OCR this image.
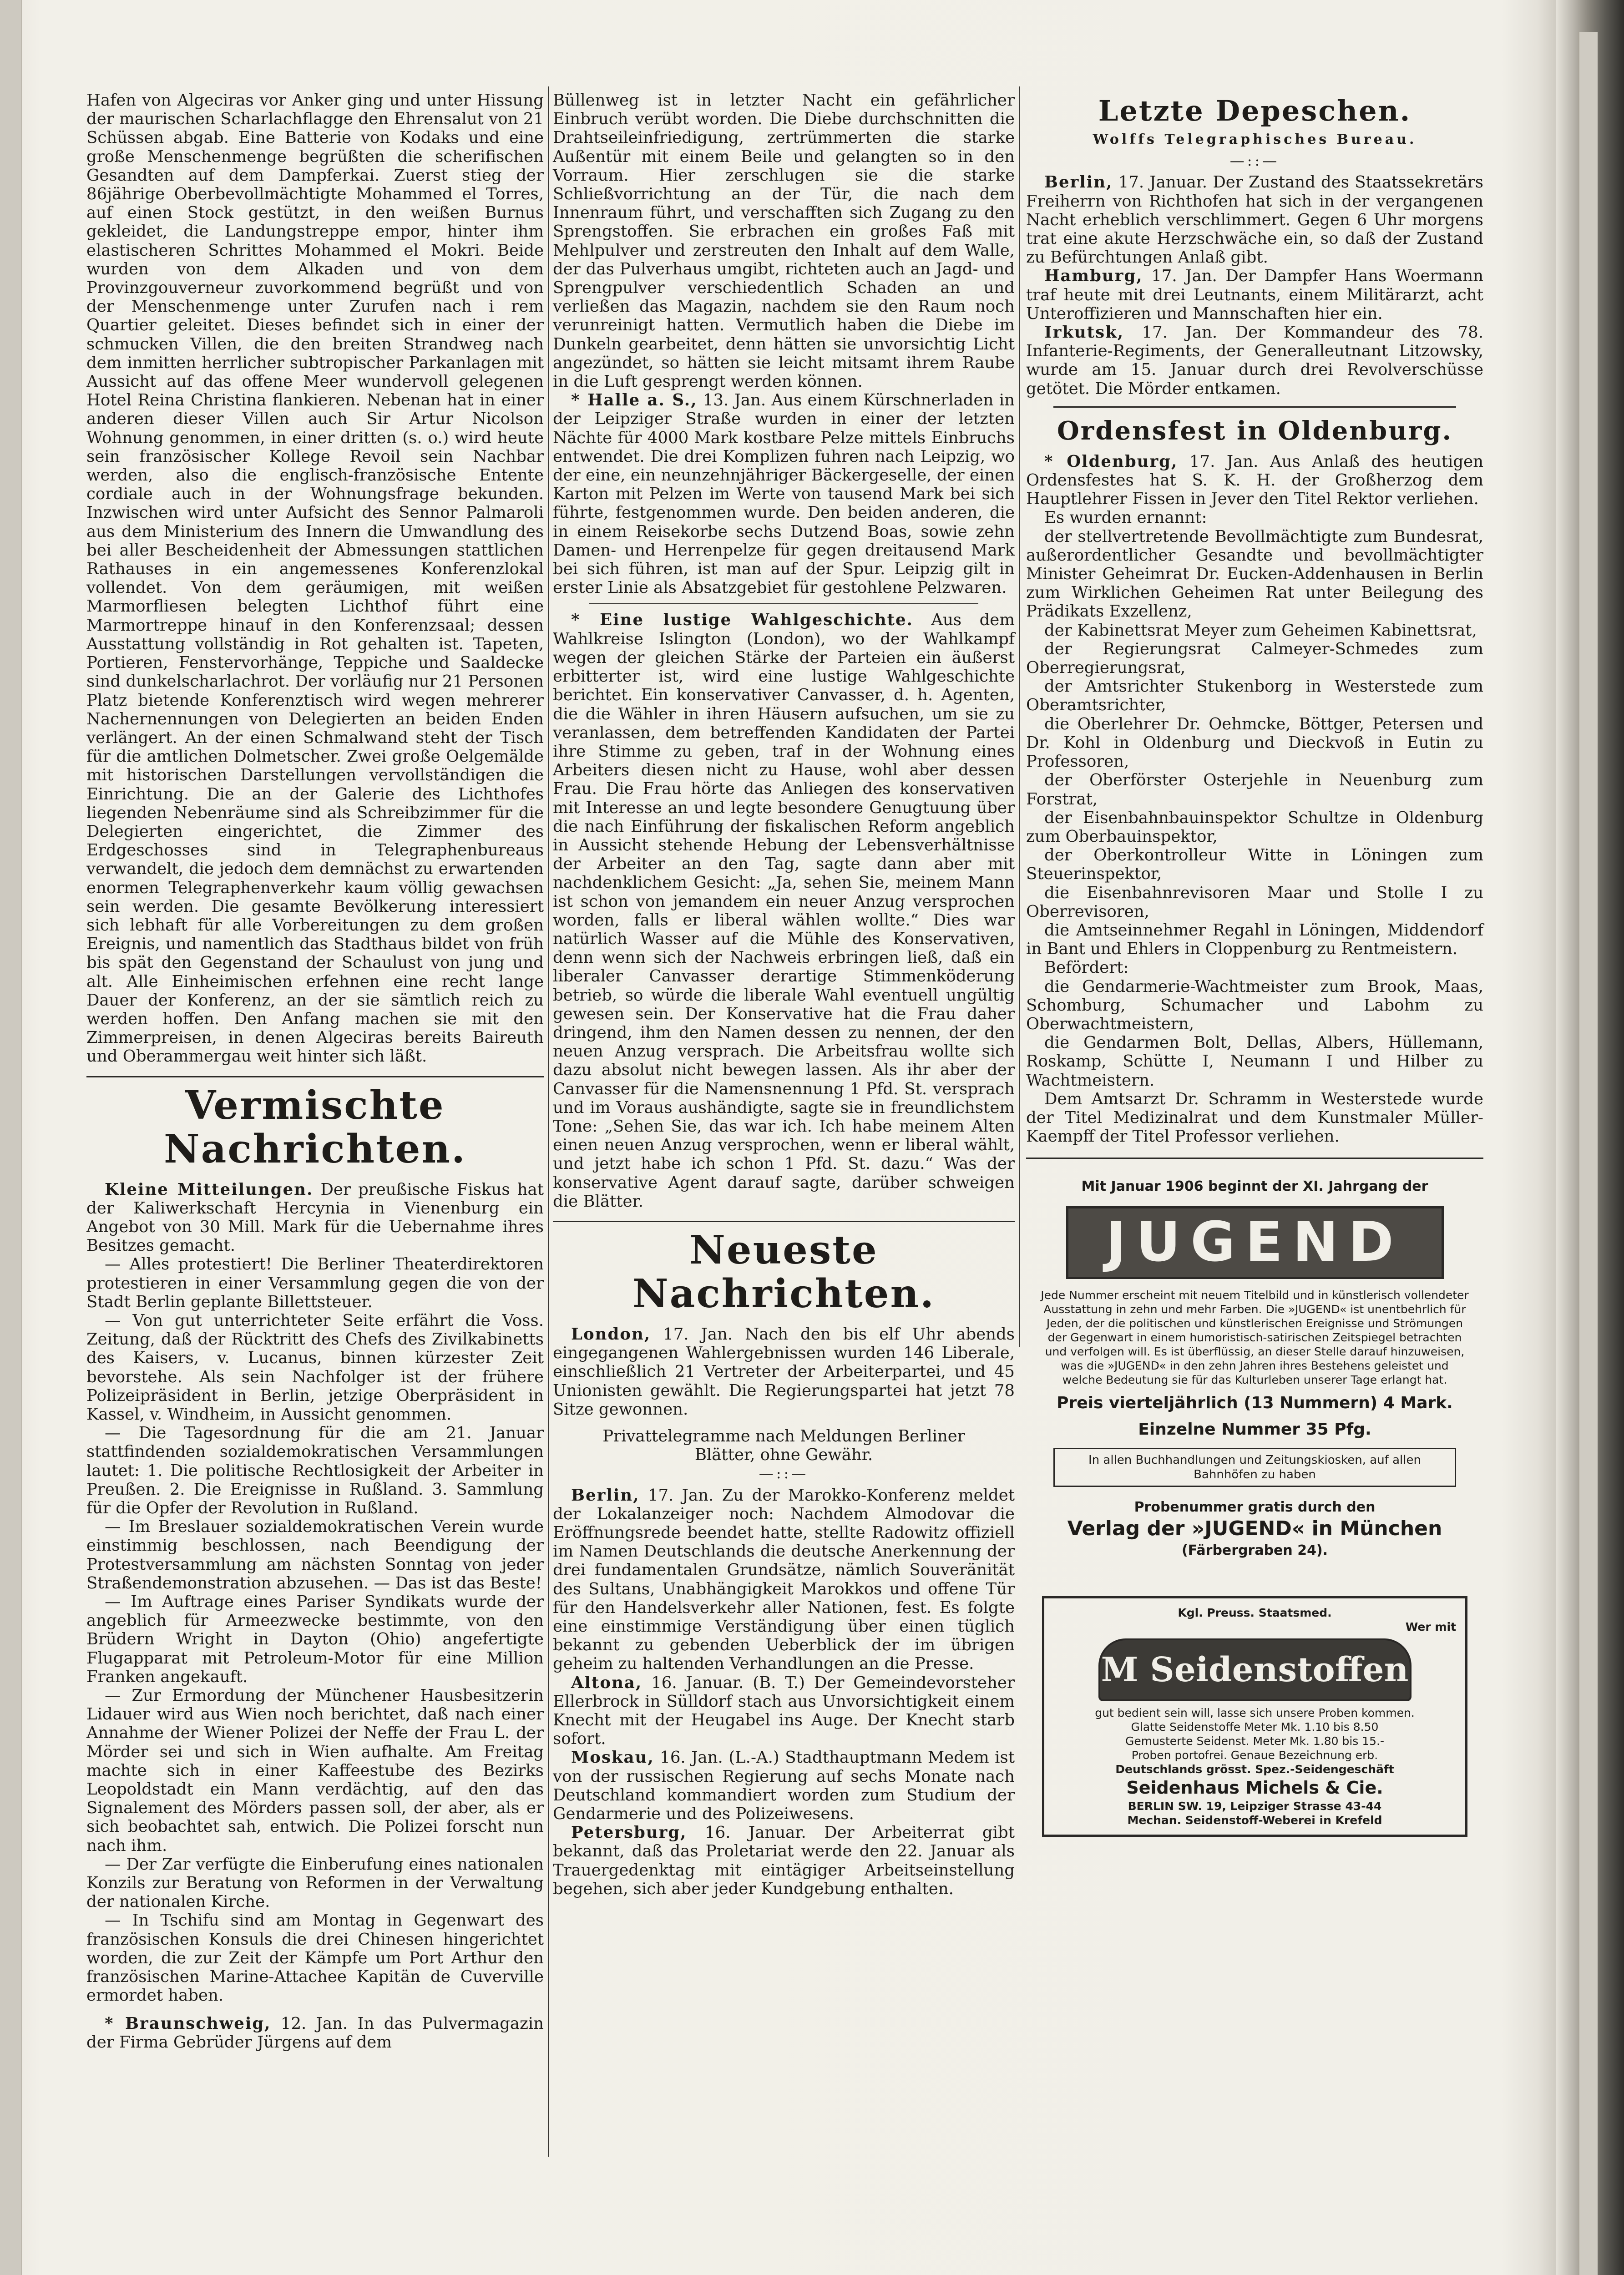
Hafen von Algeciras vor Anker ging und unter Hissung der maurischen Scharlachflagge den Ehrensalut von 21 Schüssen abgab. Eine Batterie von Kodaks und eine große Menschenmenge begrüßten die scherifischen Gesandten auf dem Dampferkai. Zuerst stieg der 86jährige Oberbevollmächtigte Mohammed el Torres, auf einen Stock gestützt, in den weißen Burnus gekleidet, die Landungstreppe empor, hinter ihm elastischeren Schrittes Mohammed el Mokri. Beide wurden von dem Alkaden und von dem Provinzgouverneur zuvorkommend begrüßt und von der Menschenmenge unter Zurufen nach i rem Quartier geleitet. Dieses befindet sich in einer der schmucken Villen, die den breiten Strandweg nach dem inmitten herrlicher subtropischer Parkanlagen mit Aussicht auf das offene Meer wundervoll gelegenen Hotel Reina Christina flankieren. Nebenan hat in einer anderen dieser Villen auch Sir Artur Nicolson Wohnung genommen, in einer dritten (s. o.) wird heute sein französischer Kollege Revoil sein Nachbar werden, also die englisch-französische Entente cordiale auch in der Wohnungsfrage bekunden. Inzwischen wird unter Aufsicht des Sennor Palmaroli aus dem Ministerium des Innern die Umwandlung des bei aller Bescheidenheit der Abmessungen stattlichen Rathauses in ein angemessenes Konferenzlokal vollendet. Von dem geräumigen, mit weißen Marmorfliesen belegten Lichthof führt eine Marmortreppe hinauf in den Konferenzsaal; dessen Ausstattung vollständig in Rot gehalten ist. Tapeten, Portieren, Fenstervorhänge, Teppiche und Saaldecke sind dunkelscharlachrot. Der vorläufig nur 21 Personen Platz bietende Konferenztisch wird wegen mehrerer Nachernennungen von Delegierten an beiden Enden verlängert. An der einen Schmalwand steht der Tisch für die amtlichen Dolmetscher. Zwei große Oelgemälde mit historischen Darstellungen vervollständigen die Einrichtung. Die an der Galerie des Lichthofes liegenden Nebenräume sind als Schreibzimmer für die Delegierten eingerichtet, die Zimmer des Erdgeschosses sind in Telegraphenbureaus verwandelt, die jedoch dem demnächst zu erwartenden enormen Telegraphenverkehr kaum völlig gewachsen sein werden. Die gesamte Bevölkerung interessiert sich lebhaft für alle Vorbereitungen zu dem großen Ereignis, und namentlich das Stadthaus bildet von früh bis spät den Gegenstand der Schaulust von jung und alt. Alle Einheimischen erfehnen eine recht lange Dauer der Konferenz, an der sie sämtlich reich zu werden hoffen. Den Anfang machen sie mit den Zimmerpreisen, in denen Algeciras bereits Baireuth und Oberammergau weit hinter sich läßt.

Vermischte Nachrichten.

Kleine Mitteilungen. Der preußische Fiskus hat der Kaliwerkschaft Hercynia in Vienenburg ein Angebot von 30 Mill. Mark für die Uebernahme ihres Besitzes gemacht.

— Alles protestiert! Die Berliner Theaterdirektoren protestieren in einer Versammlung gegen die von der Stadt Berlin geplante Billettsteuer.

— Von gut unterrichteter Seite erfährt die Voss. Zeitung, daß der Rücktritt des Chefs des Zivilkabinetts des Kaisers, v. Lucanus, binnen kürzester Zeit bevorstehe. Als sein Nachfolger ist der frühere Polizeipräsident in Berlin, jetzige Oberpräsident in Kassel, v. Windheim, in Aussicht genommen.

— Die Tagesordnung für die am 21. Januar stattfindenden sozialdemokratischen Versammlungen lautet: 1. Die politische Rechtlosigkeit der Arbeiter in Preußen. 2. Die Ereignisse in Rußland. 3. Sammlung für die Opfer der Revolution in Rußland.

— Im Breslauer sozialdemokratischen Verein wurde einstimmig beschlossen, nach Beendigung der Protestversammlung am nächsten Sonntag von jeder Straßendemonstration abzusehen. — Das ist das Beste!

— Im Auftrage eines Pariser Syndikats wurde der angeblich für Armeezwecke bestimmte, von den Brüdern Wright in Dayton (Ohio) angefertigte Flugapparat mit Petroleum-Motor für eine Million Franken angekauft.

— Zur Ermordung der Münchener Hausbesitzerin Lidauer wird aus Wien noch berichtet, daß nach einer Annahme der Wiener Polizei der Neffe der Frau L. der Mörder sei und sich in Wien aufhalte. Am Freitag machte sich in einer Kaffeestube des Bezirks Leopoldstadt ein Mann verdächtig, auf den das Signalement des Mörders passen soll, der aber, als er sich beobachtet sah, entwich. Die Polizei forscht nun nach ihm.

— Der Zar verfügte die Einberufung eines nationalen Konzils zur Beratung von Reformen in der Verwaltung der nationalen Kirche.

— In Tschifu sind am Montag in Gegenwart des französischen Konsuls die drei Chinesen hingerichtet worden, die zur Zeit der Kämpfe um Port Arthur den französischen Marine-Attachee Kapitän de Cuverville ermordet haben.

* Braunschweig, 12. Jan. In das Pulvermagazin der Firma Gebrüder Jürgens auf dem

Büllenweg ist in letzter Nacht ein gefährlicher Einbruch verübt worden. Die Diebe durchschnitten die Drahtseileinfriedigung, zertrümmerten die starke Außentür mit einem Beile und gelangten so in den Vorraum. Hier zerschlugen sie die starke Schließvorrichtung an der Tür, die nach dem Innenraum führt, und verschafften sich Zugang zu den Sprengstoffen. Sie erbrachen ein großes Faß mit Mehlpulver und zerstreuten den Inhalt auf dem Walle, der das Pulverhaus umgibt, richteten auch an Jagd- und Sprengpulver verschiedentlich Schaden an und verließen das Magazin, nachdem sie den Raum noch verunreinigt hatten. Vermutlich haben die Diebe im Dunkeln gearbeitet, denn hätten sie unvorsichtig Licht angezündet, so hätten sie leicht mitsamt ihrem Raube in die Luft gesprengt werden können.

* Halle a. S., 13. Jan. Aus einem Kürschnerladen in der Leipziger Straße wurden in einer der letzten Nächte für 4000 Mark kostbare Pelze mittels Einbruchs entwendet. Die drei Komplizen fuhren nach Leipzig, wo der eine, ein neunzehnjähriger Bäckergeselle, der einen Karton mit Pelzen im Werte von tausend Mark bei sich führte, festgenommen wurde. Den beiden anderen, die in einem Reisekorbe sechs Dutzend Boas, sowie zehn Damen- und Herrenpelze für gegen dreitausend Mark bei sich führen, ist man auf der Spur. Leipzig gilt in erster Linie als Absatzgebiet für gestohlene Pelzwaren.

* Eine lustige Wahlgeschichte. Aus dem Wahlkreise Islington (London), wo der Wahlkampf wegen der gleichen Stärke der Parteien ein äußerst erbitterter ist, wird eine lustige Wahlgeschichte berichtet. Ein konservativer Canvasser, d. h. Agenten, die die Wähler in ihren Häusern aufsuchen, um sie zu veranlassen, dem betreffenden Kandidaten der Partei ihre Stimme zu geben, traf in der Wohnung eines Arbeiters diesen nicht zu Hause, wohl aber dessen Frau. Die Frau hörte das Anliegen des konservativen mit Interesse an und legte besondere Genugtuung über die nach Einführung der fiskalischen Reform angeblich in Aussicht stehende Hebung der Lebensverhältnisse der Arbeiter an den Tag, sagte dann aber mit nachdenklichem Gesicht: „Ja, sehen Sie, meinem Mann ist schon von jemandem ein neuer Anzug versprochen worden, falls er liberal wählen wollte.“ Dies war natürlich Wasser auf die Mühle des Konservativen, denn wenn sich der Nachweis erbringen ließ, daß ein liberaler Canvasser derartige Stimmenköderung betrieb, so würde die liberale Wahl eventuell ungültig gewesen sein. Der Konservative hat die Frau daher dringend, ihm den Namen dessen zu nennen, der den neuen Anzug versprach. Die Arbeitsfrau wollte sich dazu absolut nicht bewegen lassen. Als ihr aber der Canvasser für die Namensnennung 1 Pfd. St. versprach und im Voraus aushändigte, sagte sie in freundlichstem Tone: „Sehen Sie, das war ich. Ich habe meinem Alten einen neuen Anzug versprochen, wenn er liberal wählt, und jetzt habe ich schon 1 Pfd. St. dazu.“ Was der konservative Agent darauf sagte, darüber schweigen die Blätter.

Neueste Nachrichten.

London, 17. Jan. Nach den bis elf Uhr abends eingegangenen Wahlergebnissen wurden 146 Liberale, einschließlich 21 Vertreter der Arbeiterpartei, und 45 Unionisten gewählt. Die Regierungspartei hat jetzt 78 Sitze gewonnen.

Privattelegramme nach Meldungen Berliner Blätter, ohne Gewähr.

—::—

Berlin, 17. Jan. Zu der Marokko-Konferenz meldet der Lokalanzeiger noch: Nachdem Almodovar die Eröffnungsrede beendet hatte, stellte Radowitz offiziell im Namen Deutschlands die deutsche Anerkennung der drei fundamentalen Grundsätze, nämlich Souveränität des Sultans, Unabhängigkeit Marokkos und offene Tür für den Handelsverkehr aller Nationen, fest. Es folgte eine einstimmige Verständigung über einen tüglich bekannt zu gebenden Ueberblick der im übrigen geheim zu haltenden Verhandlungen an die Presse.

Altona, 16. Januar. (B. T.) Der Gemeindevorsteher Ellerbrock in Sülldorf stach aus Unvorsichtigkeit einem Knecht mit der Heugabel ins Auge. Der Knecht starb sofort.

Moskau, 16. Jan. (L.-A.) Stadthauptmann Medem ist von der russischen Regierung auf sechs Monate nach Deutschland kommandiert worden zum Studium der Gendarmerie und des Polizeiwesens.

Petersburg, 16. Januar. Der Arbeiterrat gibt bekannt, daß das Proletariat werde den 22. Januar als Trauergedenktag mit eintägiger Arbeitseinstellung begehen, sich aber jeder Kundgebung enthalten.

Letzte Depeschen.
Wolffs Telegraphisches Bureau.
—::—

Berlin, 17. Januar. Der Zustand des Staatssekretärs Freiherrn von Richthofen hat sich in der vergangenen Nacht erheblich verschlimmert. Gegen 6 Uhr morgens trat eine akute Herzschwäche ein, so daß der Zustand zu Befürchtungen Anlaß gibt.

Hamburg, 17. Jan. Der Dampfer Hans Woermann traf heute mit drei Leutnants, einem Militärarzt, acht Unteroffizieren und Mannschaften hier ein.

Irkutsk, 17. Jan. Der Kommandeur des 78. Infanterie-Regiments, der Generalleutnant Litzowsky, wurde am 15. Januar durch drei Revolverschüsse getötet. Die Mörder entkamen.

Ordensfest in Oldenburg.

* Oldenburg, 17. Jan. Aus Anlaß des heutigen Ordensfestes hat S. K. H. der Großherzog dem Hauptlehrer Fissen in Jever den Titel Rektor verliehen.

Es wurden ernannt:

der stellvertretende Bevollmächtigte zum Bundesrat, außerordentlicher Gesandte und bevollmächtigter Minister Geheimrat Dr. Eucken-Addenhausen in Berlin zum Wirklichen Geheimen Rat unter Beilegung des Prädikats Exzellenz,

der Kabinettsrat Meyer zum Geheimen Kabinettsrat,

der Regierungsrat Calmeyer-Schmedes zum Oberregierungsrat,

der Amtsrichter Stukenborg in Westerstede zum Oberamtsrichter,

die Oberlehrer Dr. Oehmcke, Böttger, Petersen und Dr. Kohl in Oldenburg und Dieckvoß in Eutin zu Professoren,

der Oberförster Osterjehle in Neuenburg zum Forstrat,

der Eisenbahnbauinspektor Schultze in Oldenburg zum Oberbauinspektor,

der Oberkontrolleur Witte in Löningen zum Steuerinspektor,

die Eisenbahnrevisoren Maar und Stolle I zu Oberrevisoren,

die Amtseinnehmer Regahl in Löningen, Middendorf in Bant und Ehlers in Cloppenburg zu Rentmeistern.

Befördert:

die Gendarmerie-Wachtmeister zum Brook, Maas, Schomburg, Schumacher und Labohm zu Oberwachtmeistern,

die Gendarmen Bolt, Dellas, Albers, Hüllemann, Roskamp, Schütte I, Neumann I und Hilber zu Wachtmeistern.

Dem Amtsarzt Dr. Schramm in Westerstede wurde der Titel Medizinalrat und dem Kunstmaler Müller-Kaempff der Titel Professor verliehen.

Mit Januar 1906 beginnt der XI. Jahrgang der
JUGEND
Jede Nummer erscheint mit neuem Titelbild und in künstlerisch vollendeter Ausstattung in zehn und mehr Farben. Die »JUGEND« ist unentbehrlich für Jeden, der die politischen und künstlerischen Ereignisse und Strömungen der Gegenwart in einem humoristisch-satirischen Zeitspiegel betrachten und verfolgen will. Es ist überflüssig, an dieser Stelle darauf hinzuweisen, was die »JUGEND« in den zehn Jahren ihres Bestehens geleistet und welche Bedeutung sie für das Kulturleben unserer Tage erlangt hat.
Preis vierteljährlich (13 Nummern) 4 Mark.
Einzelne Nummer 35 Pfg.
In allen Buchhandlungen und Zeitungskiosken, auf allen Bahnhöfen zu haben
Probenummer gratis durch den
Verlag der »JUGEND« in München
(Färbergraben 24).
Kgl. Preuss. Staatsmed.
Wer mit
M Seidenstoffen
gut bedient sein will, lasse sich unsere Proben kommen.
Glatte Seidenstoffe Meter Mk. 1.10 bis 8.50
Gemusterte Seidenst. Meter Mk. 1.80 bis 15.-
Proben portofrei. Genaue Bezeichnung erb.
Deutschlands grösst. Spez.-Seidengeschäft
Seidenhaus Michels & Cie.
BERLIN SW. 19, Leipziger Strasse 43-44
Mechan. Seidenstoff-Weberei in Krefeld
